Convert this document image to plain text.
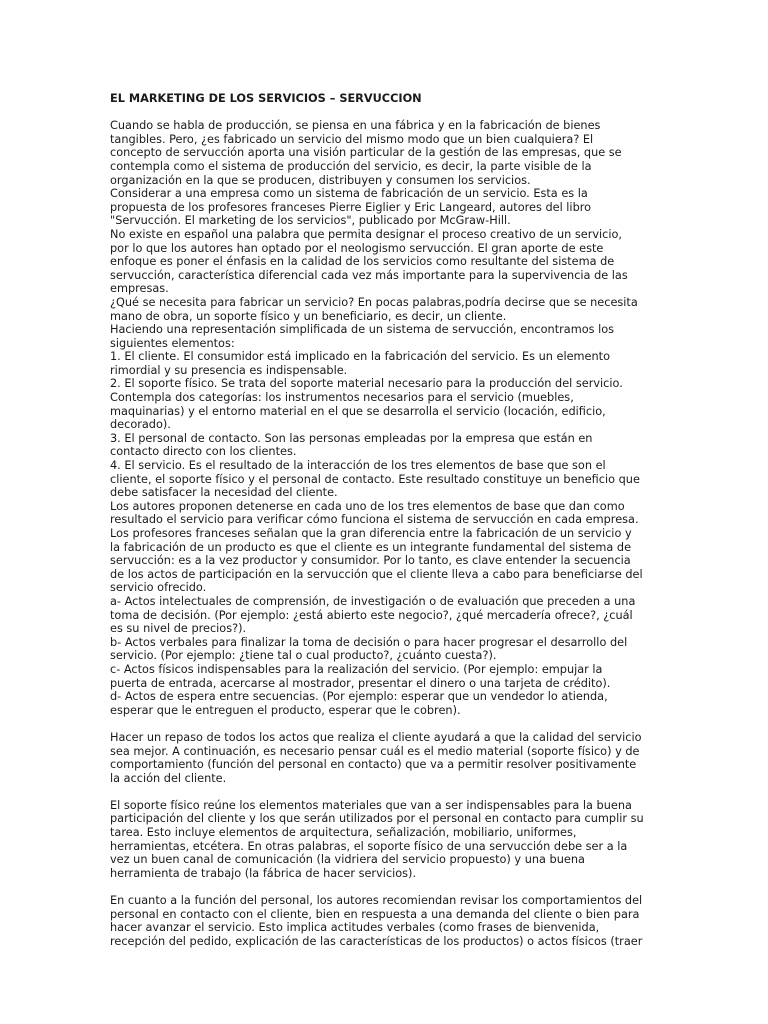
EL MARKETING DE LOS SERVICIOS – SERVUCCION

Cuando se habla de producción, se piensa en una fábrica y en la fabricación de bienes
tangibles. Pero, ¿es fabricado un servicio del mismo modo que un bien cualquiera? El
concepto de servucción aporta una visión particular de la gestión de las empresas, que se
contempla como el sistema de producción del servicio, es decir, la parte visible de la
organización en la que se producen, distribuyen y consumen los servicios.
Considerar a una empresa como un sistema de fabricación de un servicio. Esta es la
propuesta de los profesores franceses Pierre Eiglier y Eric Langeard, autores del libro
"Servucción. El marketing de los servicios", publicado por McGraw-Hill.
No existe en español una palabra que permita designar el proceso creativo de un servicio,
por lo que los autores han optado por el neologismo servucción. El gran aporte de este
enfoque es poner el énfasis en la calidad de los servicios como resultante del sistema de
servucción, característica diferencial cada vez más importante para la supervivencia de las
empresas.
¿Qué se necesita para fabricar un servicio? En pocas palabras,podría decirse que se necesita
mano de obra, un soporte físico y un beneficiario, es decir, un cliente.
Haciendo una representación simplificada de un sistema de servucción, encontramos los
siguientes elementos:
1. El cliente. El consumidor está implicado en la fabricación del servicio. Es un elemento
rimordial y su presencia es indispensable.
2. El soporte físico. Se trata del soporte material necesario para la producción del servicio.
Contempla dos categorías: los instrumentos necesarios para el servicio (muebles,
maquinarias) y el entorno material en el que se desarrolla el servicio (locación, edificio,
decorado).
3. El personal de contacto. Son las personas empleadas por la empresa que están en
contacto directo con los clientes.
4. El servicio. Es el resultado de la interacción de los tres elementos de base que son el
cliente, el soporte físico y el personal de contacto. Este resultado constituye un beneficio que
debe satisfacer la necesidad del cliente.
Los autores proponen detenerse en cada uno de los tres elementos de base que dan como
resultado el servicio para verificar cómo funciona el sistema de servucción en cada empresa.
Los profesores franceses señalan que la gran diferencia entre la fabricación de un servicio y
la fabricación de un producto es que el cliente es un integrante fundamental del sistema de
servucción: es a la vez productor y consumidor. Por lo tanto, es clave entender la secuencia
de los actos de participación en la servucción que el cliente lleva a cabo para beneficiarse del
servicio ofrecido.
a- Actos intelectuales de comprensión, de investigación o de evaluación que preceden a una
toma de decisión. (Por ejemplo: ¿está abierto este negocio?, ¿qué mercadería ofrece?, ¿cuál
es su nivel de precios?).
b- Actos verbales para finalizar la toma de decisión o para hacer progresar el desarrollo del
servicio. (Por ejemplo: ¿tiene tal o cual producto?, ¿cuánto cuesta?).
c- Actos físicos indispensables para la realización del servicio. (Por ejemplo: empujar la
puerta de entrada, acercarse al mostrador, presentar el dinero o una tarjeta de crédito).
d- Actos de espera entre secuencias. (Por ejemplo: esperar que un vendedor lo atienda,
esperar que le entreguen el producto, esperar que le cobren).
Hacer un repaso de todos los actos que realiza el cliente ayudará a que la calidad del servicio
sea mejor. A continuación, es necesario pensar cuál es el medio material (soporte físico) y de
comportamiento (función del personal en contacto) que va a permitir resolver positivamente
la acción del cliente.
El soporte físico reúne los elementos materiales que van a ser indispensables para la buena
participación del cliente y los que serán utilizados por el personal en contacto para cumplir su
tarea. Esto incluye elementos de arquitectura, señalización, mobiliario, uniformes,
herramientas, etcétera. En otras palabras, el soporte físico de una servucción debe ser a la
vez un buen canal de comunicación (la vidriera del servicio propuesto) y una buena
herramienta de trabajo (la fábrica de hacer servicios).
En cuanto a la función del personal, los autores recomiendan revisar los comportamientos del
personal en contacto con el cliente, bien en respuesta a una demanda del cliente o bien para
hacer avanzar el servicio. Esto implica actitudes verbales (como frases de bienvenida,
recepción del pedido, explicación de las características de los productos) o actos físicos (traer
